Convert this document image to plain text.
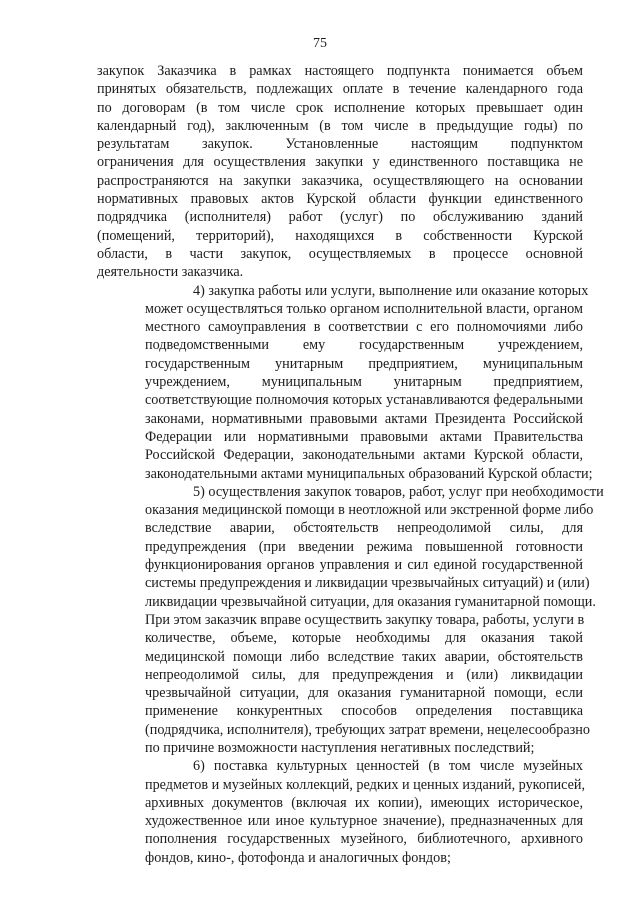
75
закупок Заказчика в рамках настоящего подпункта понимается объем
принятых обязательств, подлежащих оплате в течение календарного года
по договорам (в том числе срок исполнение которых превышает один
календарный год), заключенным (в том числе в предыдущие годы) по
результатам закупок. Установленные настоящим подпунктом
ограничения для осуществления закупки у единственного поставщика не
распространяются на закупки заказчика, осуществляющего на основании
нормативных правовых актов Курской области функции единственного
подрядчика (исполнителя) работ (услуг) по обслуживанию зданий
(помещений, территорий), находящихся в собственности Курской
области, в части закупок, осуществляемых в процессе основной
деятельности заказчика.
4) закупка работы или услуги, выполнение или оказание которых
может осуществляться только органом исполнительной власти, органом
местного самоуправления в соответствии с его полномочиями либо
подведомственными ему государственным учреждением,
государственным унитарным предприятием, муниципальным
учреждением, муниципальным унитарным предприятием,
соответствующие полномочия которых устанавливаются федеральными
законами, нормативными правовыми актами Президента Российской
Федерации или нормативными правовыми актами Правительства
Российской Федерации, законодательными актами Курской области,
законодательными актами муниципальных образований Курской области;
5) осуществления закупок товаров, работ, услуг при необходимости
оказания медицинской помощи в неотложной или экстренной форме либо
вследствие аварии, обстоятельств непреодолимой силы, для
предупреждения (при введении режима повышенной готовности
функционирования органов управления и сил единой государственной
системы предупреждения и ликвидации чрезвычайных ситуаций) и (или)
ликвидации чрезвычайной ситуации, для оказания гуманитарной помощи.
При этом заказчик вправе осуществить закупку товара, работы, услуги в
количестве, объеме, которые необходимы для оказания такой
медицинской помощи либо вследствие таких аварии, обстоятельств
непреодолимой силы, для предупреждения и (или) ликвидации
чрезвычайной ситуации, для оказания гуманитарной помощи, если
применение конкурентных способов определения поставщика
(подрядчика, исполнителя), требующих затрат времени, нецелесообразно
по причине возможности наступления негативных последствий;
6) поставка культурных ценностей (в том числе музейных
предметов и музейных коллекций, редких и ценных изданий, рукописей,
архивных документов (включая их копии), имеющих историческое,
художественное или иное культурное значение), предназначенных для
пополнения государственных музейного, библиотечного, архивного
фондов, кино-, фотофонда и аналогичных фондов;
